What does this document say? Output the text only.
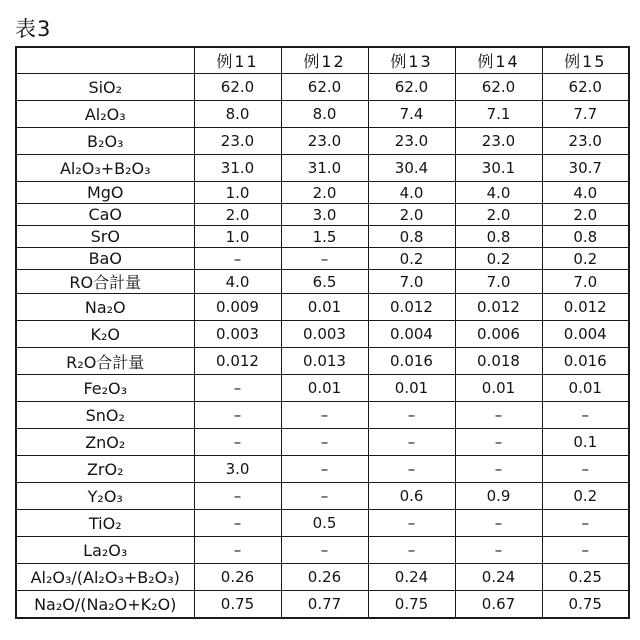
表3
	例11	例12	例13	例14	例15
SiO₂	62.0	62.0	62.0	62.0	62.0
Al₂O₃	8.0	8.0	7.4	7.1	7.7
B₂O₃	23.0	23.0	23.0	23.0	23.0
Al₂O₃+B₂O₃	31.0	31.0	30.4	30.1	30.7
MgO	1.0	2.0	4.0	4.0	4.0
CaO	2.0	3.0	2.0	2.0	2.0
SrO	1.0	1.5	0.8	0.8	0.8
BaO	–	–	0.2	0.2	0.2
RO合計量	4.0	6.5	7.0	7.0	7.0
Na₂O	0.009	0.01	0.012	0.012	0.012
K₂O	0.003	0.003	0.004	0.006	0.004
R₂O合計量	0.012	0.013	0.016	0.018	0.016
Fe₂O₃	–	0.01	0.01	0.01	0.01
SnO₂	–	–	–	–	–
ZnO₂	–	–	–	–	0.1
ZrO₂	3.0	–	–	–	–
Y₂O₃	–	–	0.6	0.9	0.2
TiO₂	–	0.5	–	–	–
La₂O₃	–	–	–	–	–
Al₂O₃/(Al₂O₃+B₂O₃)	0.26	0.26	0.24	0.24	0.25
Na₂O/(Na₂O+K₂O)	0.75	0.77	0.75	0.67	0.75
